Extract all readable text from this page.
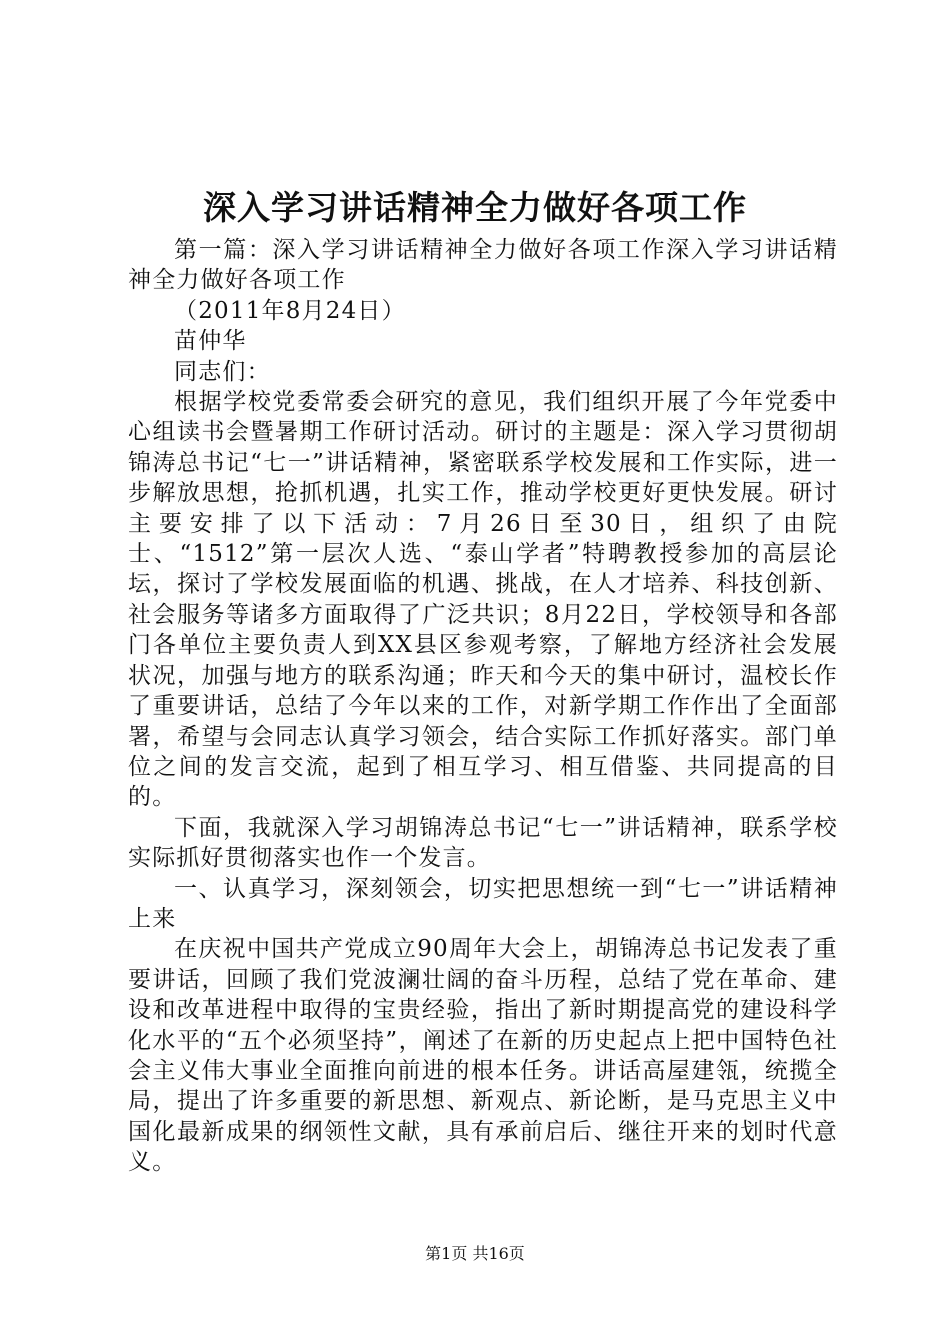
深入学习讲话精神全力做好各项工作

第一篇：深入学习讲话精神全力做好各项工作深入学习讲话精神全力做好各项工作

（2011年8月24日）

苗仲华

同志们：

根据学校党委常委会研究的意见，我们组织开展了今年党委中心组读书会暨暑期工作研讨活动。研讨的主题是：深入学习贯彻胡锦涛总书记“七一”讲话精神，紧密联系学校发展和工作实际，进一步解放思想，抢抓机遇，扎实工作，推动学校更好更快发展。研讨主要安排了以下活动：7月26日至30日，组织了由院士、“1512”第一层次人选、“泰山学者”特聘教授参加的高层论坛，探讨了学校发展面临的机遇、挑战，在人才培养、科技创新、社会服务等诸多方面取得了广泛共识；8月22日，学校领导和各部门各单位主要负责人到XX县区参观考察，了解地方经济社会发展状况，加强与地方的联系沟通；昨天和今天的集中研讨，温校长作了重要讲话，总结了今年以来的工作，对新学期工作作出了全面部署，希望与会同志认真学习领会，结合实际工作抓好落实。部门单位之间的发言交流，起到了相互学习、相互借鉴、共同提高的目的。

下面，我就深入学习胡锦涛总书记“七一”讲话精神，联系学校实际抓好贯彻落实也作一个发言。

一、认真学习，深刻领会，切实把思想统一到“七一”讲话精神上来

在庆祝中国共产党成立90周年大会上，胡锦涛总书记发表了重要讲话，回顾了我们党波澜壮阔的奋斗历程，总结了党在革命、建设和改革进程中取得的宝贵经验，指出了新时期提高党的建设科学化水平的“五个必须坚持”，阐述了在新的历史起点上把中国特色社会主义伟大事业全面推向前进的根本任务。讲话高屋建瓴，统揽全局，提出了许多重要的新思想、新观点、新论断，是马克思主义中国化最新成果的纲领性文献，具有承前启后、继往开来的划时代意义。

第1页 共16页
